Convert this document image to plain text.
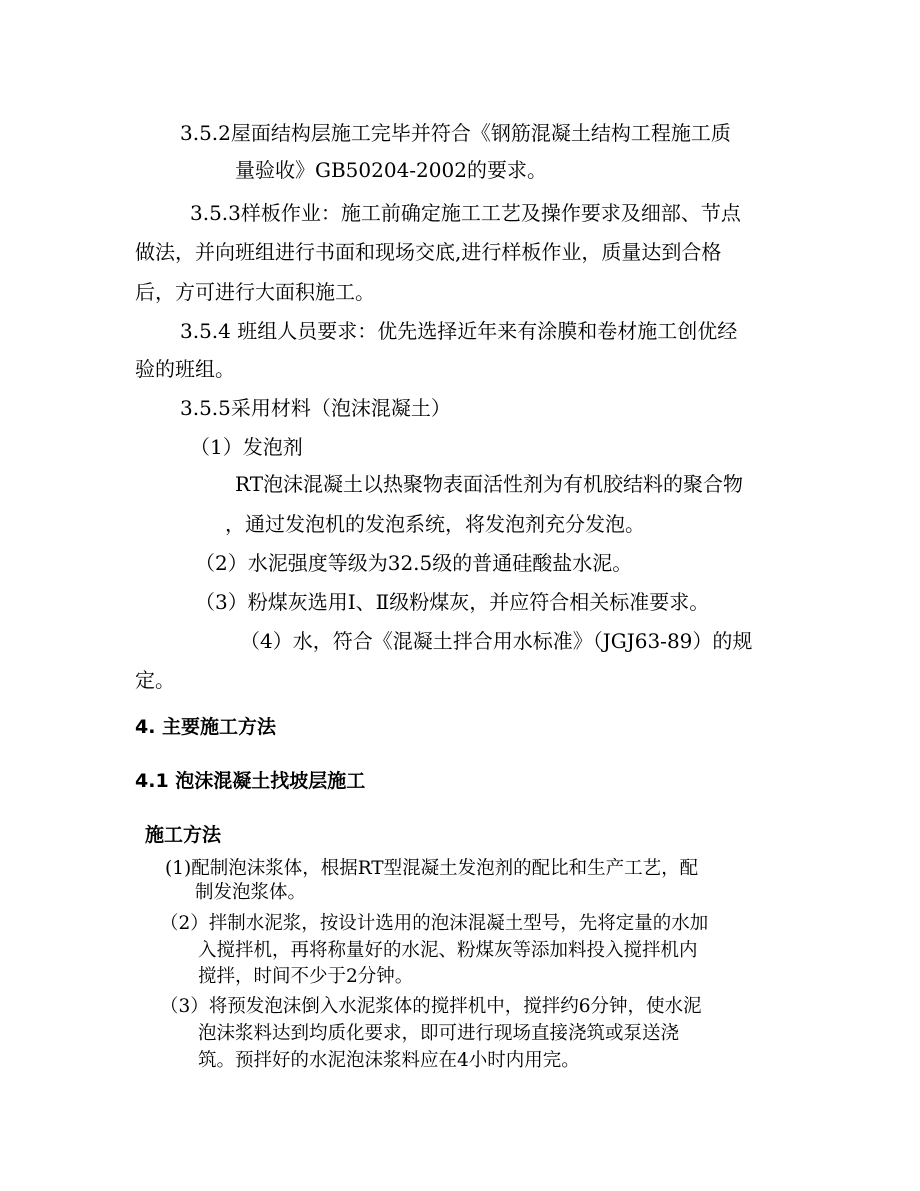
3.5.2屋面结构层施工完毕并符合《钢筋混凝土结构工程施工质
量验收》GB50204-2002的要求。
3.5.3样板作业：施工前确定施工工艺及操作要求及细部、节点
做法，并向班组进行书面和现场交底,进行样板作业，质量达到合格
后，方可进行大面积施工。
3.5.4 班组人员要求：优先选择近年来有涂膜和卷材施工创优经
验的班组。
3.5.5采用材料（泡沫混凝土）
（1）发泡剂
RT泡沫混凝土以热聚物表面活性剂为有机胶结料的聚合物
，通过发泡机的发泡系统，将发泡剂充分发泡。
（2）水泥强度等级为32.5级的普通硅酸盐水泥。
（3）粉煤灰选用Ⅰ、Ⅱ级粉煤灰，并应符合相关标准要求。
（4）水，符合《混凝土拌合用水标准》（JGJ63-89）的规
定。
4. 主要施工方法
4.1 泡沫混凝土找坡层施工
施工方法
(1)配制泡沫浆体，根据RT型混凝土发泡剂的配比和生产工艺，配
制发泡浆体。
（2）拌制水泥浆，按设计选用的泡沫混凝土型号，先将定量的水加
入搅拌机，再将称量好的水泥、粉煤灰等添加料投入搅拌机内
搅拌，时间不少于2分钟。
（3）将预发泡沫倒入水泥浆体的搅拌机中，搅拌约6分钟，使水泥
泡沫浆料达到均质化要求，即可进行现场直接浇筑或泵送浇
筑。预拌好的水泥泡沫浆料应在4小时内用完。
